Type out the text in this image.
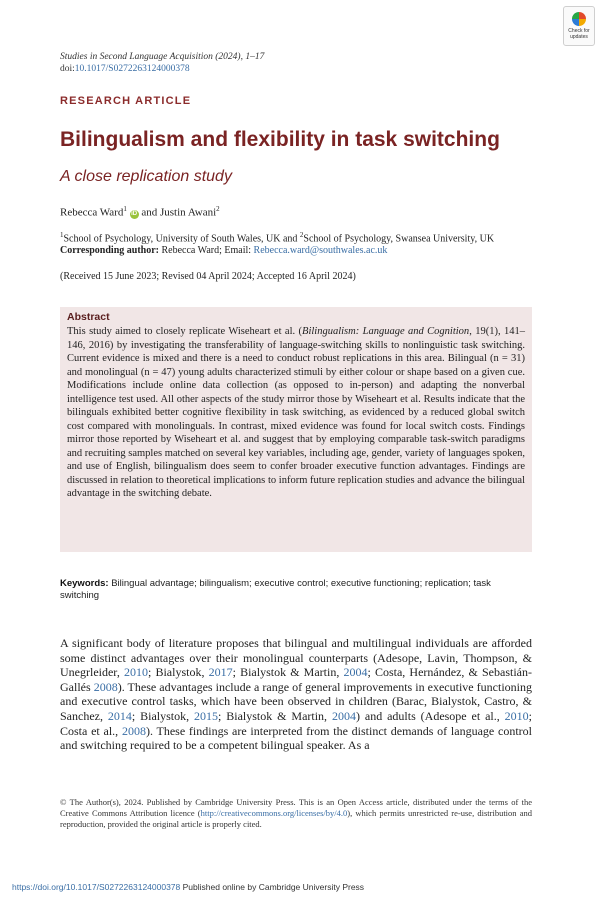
Studies in Second Language Acquisition (2024), 1–17
doi:10.1017/S0272263124000378
Check for
updates
RESEARCH ARTICLE
Bilingualism and flexibility in task switching
A close replication study
Rebecca Ward$^1$ iD and Justin Awani$^2$
$^1$School of Psychology, University of South Wales, UK and $^2$School of Psychology, Swansea University, UK
Corresponding author: Rebecca Ward; Email: Rebecca.ward@southwales.ac.uk
(Received 15 June 2023; Revised 04 April 2024; Accepted 16 April 2024)
Abstract
This study aimed to closely replicate Wiseheart et al. (Bilingualism: Language and Cognition, 19(1), 141–146, 2016) by investigating the transferability of language-switching skills to nonlinguistic task switching. Current evidence is mixed and there is a need to conduct robust replications in this area. Bilingual (n = 31) and monolingual (n = 47) young adults characterized stimuli by either colour or shape based on a given cue. Modifications include online data collection (as opposed to in-person) and adapting the nonverbal intelligence test used. All other aspects of the study mirror those by Wiseheart et al. Results indicate that the bilinguals exhibited better cognitive flexibility in task switching, as evidenced by a reduced global switch cost compared with monolinguals. In contrast, mixed evidence was found for local switch costs. Findings mirror those reported by Wiseheart et al. and suggest that by employing comparable task-switch paradigms and recruiting samples matched on several key variables, including age, gender, variety of languages spoken, and use of English, bilingualism does seem to confer broader executive function advantages. Findings are discussed in relation to theoretical implications to inform future replication studies and advance the bilingual advantage in the switching debate.
Keywords: Bilingual advantage; bilingualism; executive control; executive functioning; replication; task switching
A significant body of literature proposes that bilingual and multilingual individuals are afforded some distinct advantages over their monolingual counterparts (Adesope, Lavin, Thompson, & Unegrleider, 2010; Bialystok, 2017; Bialystok & Martin, 2004; Costa, Hernández, & Sebastián-Gallés 2008). These advantages include a range of general improvements in executive functioning and executive control tasks, which have been observed in children (Barac, Bialystok, Castro, & Sanchez, 2014; Bialystok, 2015; Bialystok & Martin, 2004) and adults (Adesope et al., 2010; Costa et al., 2008). These findings are interpreted from the distinct demands of language control and switching required to be a competent bilingual speaker. As a
© The Author(s), 2024. Published by Cambridge University Press. This is an Open Access article, distributed under the terms of the Creative Commons Attribution licence (http://creativecommons.org/licenses/by/4.0), which permits unrestricted re-use, distribution and reproduction, provided the original article is properly cited.
https://doi.org/10.1017/S0272263124000378 Published online by Cambridge University Press
